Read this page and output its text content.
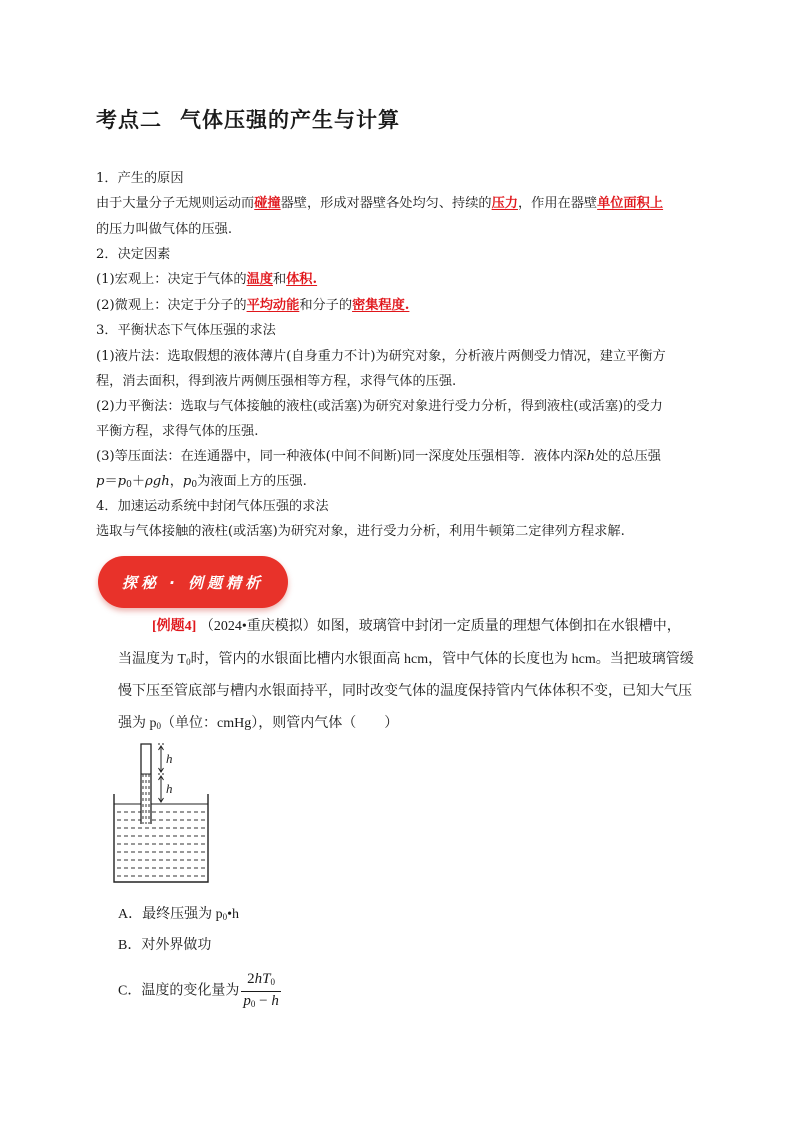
考点二 气体压强的产生与计算
1．产生的原因
由于大量分子无规则运动而碰撞器壁，形成对器壁各处均匀、持续的压力，作用在器壁单位面积上
的压力叫做气体的压强.
2．决定因素
(1)宏观上：决定于气体的温度和体积.
(2)微观上：决定于分子的平均动能和分子的密集程度.
3．平衡状态下气体压强的求法
(1)液片法：选取假想的液体薄片(自身重力不计)为研究对象，分析液片两侧受力情况，建立平衡方
程，消去面积，得到液片两侧压强相等方程，求得气体的压强.
(2)力平衡法：选取与气体接触的液柱(或活塞)为研究对象进行受力分析，得到液柱(或活塞)的受力
平衡方程，求得气体的压强.
(3)等压面法：在连通器中，同一种液体(中间不间断)同一深度处压强相等．液体内深h处的总压强
$p=p_0+\rho gh$，$p_0$为液面上方的压强.
4．加速运动系统中封闭气体压强的求法
选取与气体接触的液柱(或活塞)为研究对象，进行受力分析，利用牛顿第二定律列方程求解.
探秘 · 例题精析
[例题4] （2024•重庆模拟）如图，玻璃管中封闭一定质量的理想气体倒扣在水银槽中，
当温度为 $T_0$时，管内的水银面比槽内水银面高 hcm，管中气体的长度也为 hcm。当把玻璃管缓
慢下压至管底部与槽内水银面持平，同时改变气体的温度保持管内气体体积不变，已知大气压
强为 $p_0$（单位：cmHg），则管内气体（　　）
h
h
A．最终压强为 $p_0•h$
B．对外界做功
C．温度的变化量为 $\frac{2hT_0}{p_0 - h}$
